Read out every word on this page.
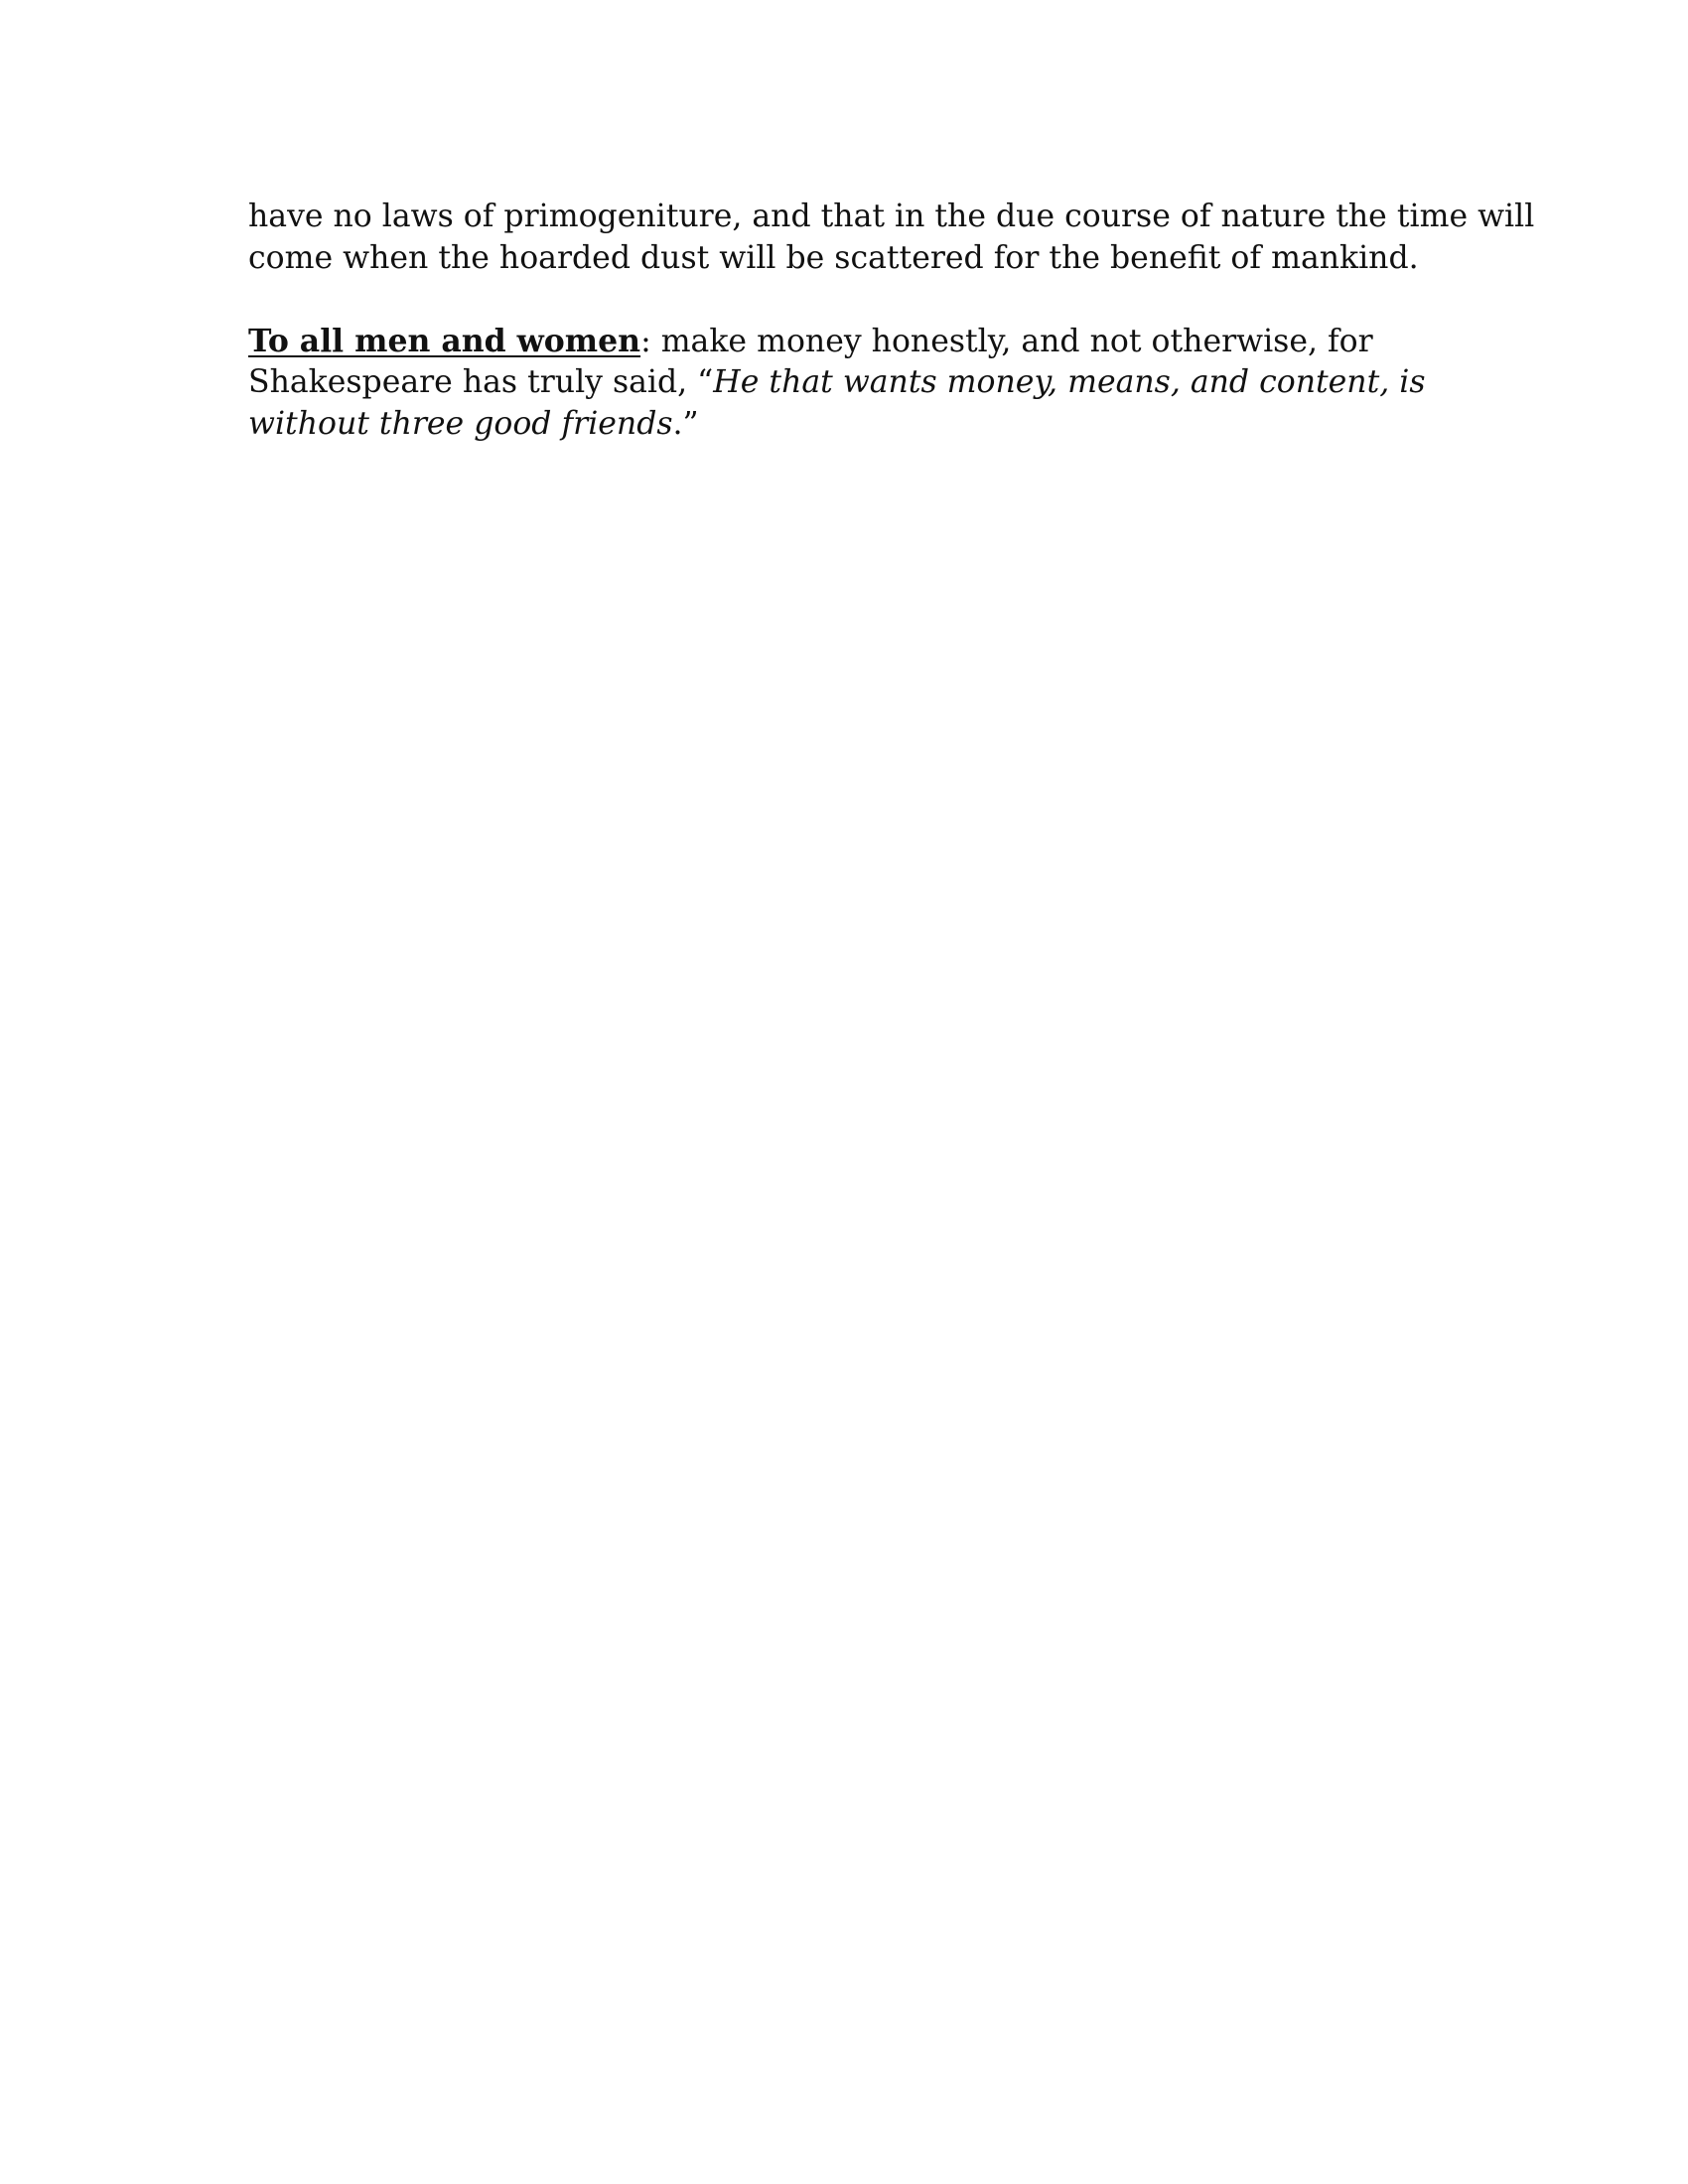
have no laws of primogeniture, and that in the due course of nature the time will
come when the hoarded dust will be scattered for the benefit of mankind.

To all men and women: make money honestly, and not otherwise, for
Shakespeare has truly said, “He that wants money, means, and content, is
without three good friends.”
